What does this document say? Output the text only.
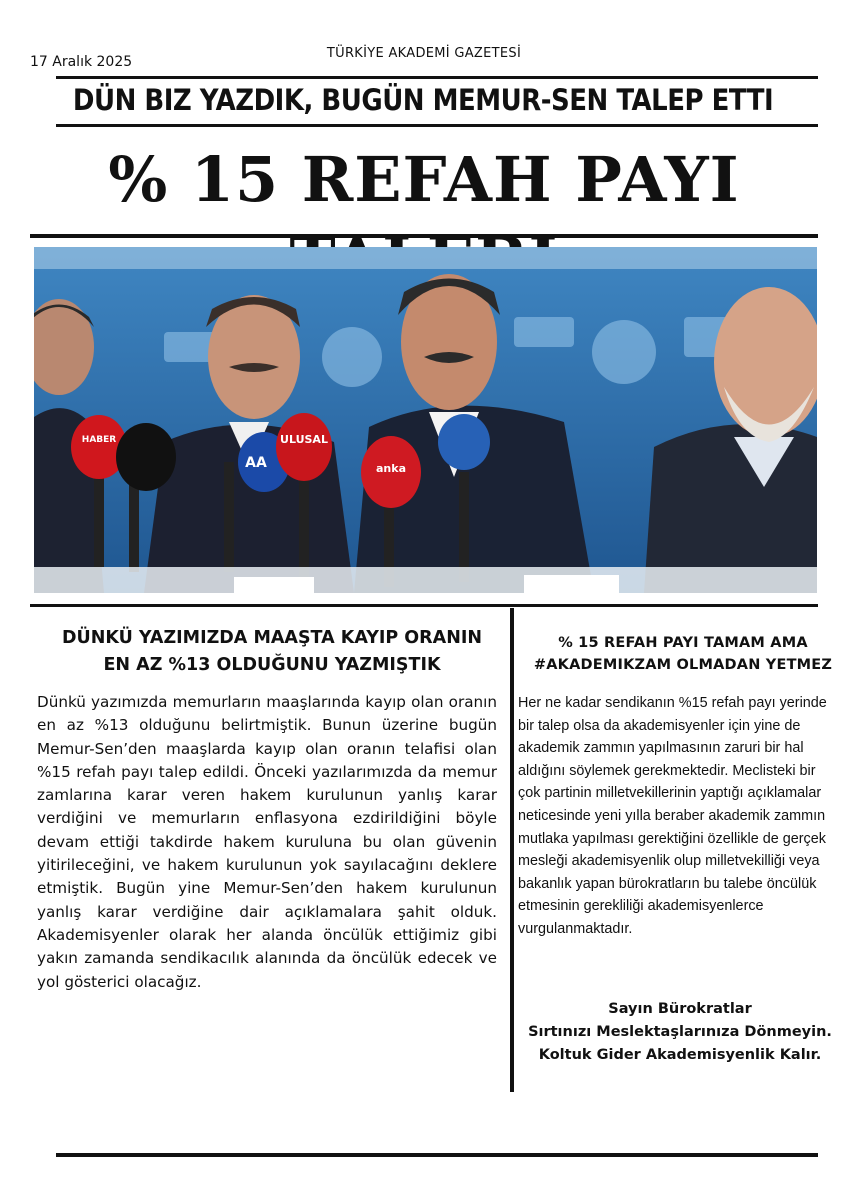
17 Aralık 2025
TÜRKİYE AKADEMİ GAZETESİ
DÜN BIZ YAZDIK, BUGÜN MEMUR-SEN TALEP ETTI
% 15 REFAH PAYI
AA
ULUSAL
anka
HABER
DÜNKÜ YAZIMIZDA MAAŞTA KAYIP ORANIN
EN AZ %13 OLDUĞUNU YAZMIŞTIK
Dünkü yazımızda memurların maaşlarında kayıp olan oranın en az %13 olduğunu belirtmiştik. Bunun üzerine bugün Memur-Sen’den maaşlarda kayıp olan oranın telafisi olan %15 refah payı talep edildi. Önceki yazılarımızda da memur zamlarına karar veren hakem kurulunun yanlış karar verdiğini ve memurların enflasyona ezdirildiğini böyle devam ettiği takdirde hakem kuruluna bu olan güvenin yitirileceğini, ve hakem kurulunun yok sayılacağını deklere etmiştik. Bugün yine Memur-Sen’den hakem kurulunun yanlış karar verdiğine dair açıklamalara şahit olduk. Akademisyenler olarak her alanda öncülük ettiğimiz gibi yakın zamanda sendikacılık alanında da öncülük edecek ve yol gösterici olacağız.
% 15 REFAH PAYI TAMAM AMA
#AKADEMIKZAM OLMADAN YETMEZ
Her ne kadar sendikanın %15 refah payı yerinde bir talep olsa da akademisyenler için yine de akademik zammın yapılmasının zaruri bir hal aldığını söylemek gerekmektedir. Meclisteki bir çok partinin milletvekillerinin yaptığı açıklamalar neticesinde yeni yılla beraber akademik zammın mutlaka yapılması gerektiğini özellikle de gerçek mesleği akademisyenlik olup milletvekilliği veya bakanlık yapan bürokratların bu talebe öncülük etmesinin gerekliliği akademisyenlerce vurgulanmaktadır.
Sayın Bürokratlar
Sırtınızı Meslektaşlarınıza Dönmeyin.
Koltuk Gider Akademisyenlik Kalır.
